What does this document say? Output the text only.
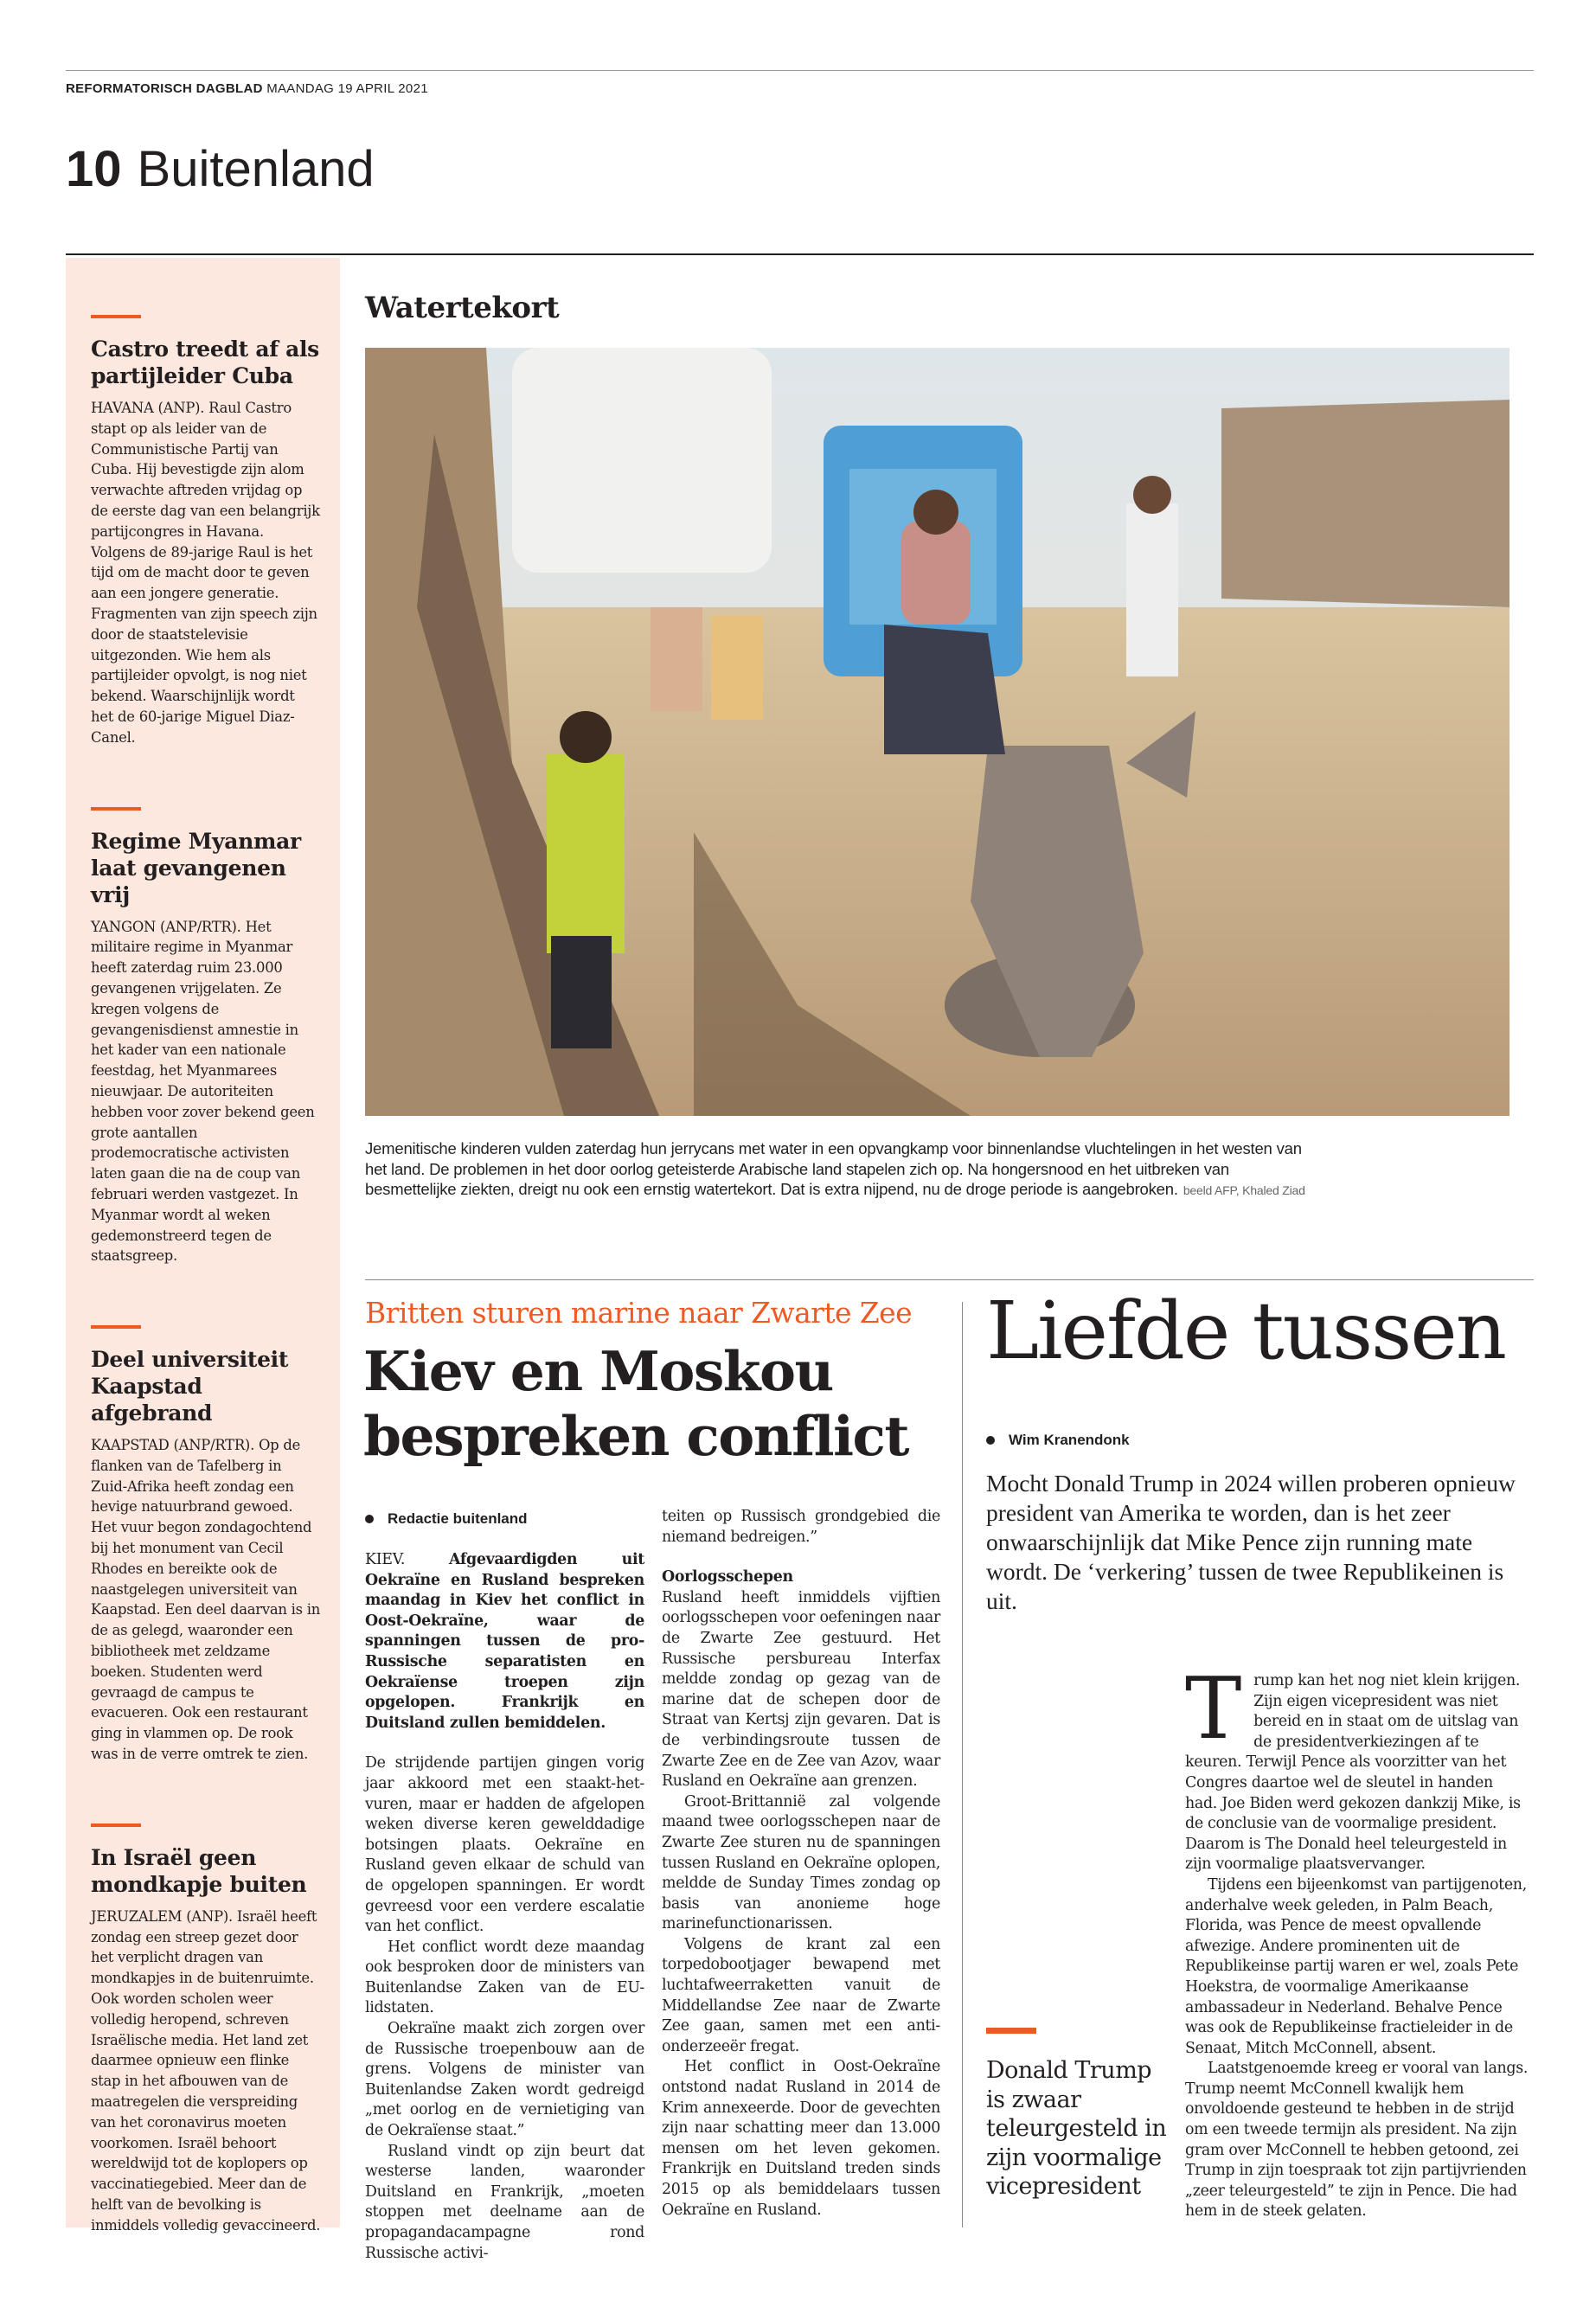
REFORMATORISCH DAGBLAD MAANDAG 19 APRIL 2021
10 Buitenland
Castro treedt af als partijleider Cuba

HAVANA (ANP). Raul Castro stapt op als leider van de Communistische Partij van Cuba. Hij bevestigde zijn alom verwachte aftreden vrijdag op de eerste dag van een belangrijk partijcongres in Havana. Volgens de 89-jarige Raul is het tijd om de macht door te geven aan een jongere generatie. Fragmenten van zijn speech zijn door de staatstelevisie uitgezonden. Wie hem als partijleider opvolgt, is nog niet bekend. Waarschijnlijk wordt het de 60-jarige Miguel Diaz-Canel.

Regime Myanmar laat gevangenen vrij

YANGON (ANP/RTR). Het militaire regime in Myanmar heeft zaterdag ruim 23.000 gevangenen vrijgelaten. Ze kregen volgens de gevangenisdienst amnestie in het kader van een nationale feestdag, het Myanmarees nieuwjaar. De autoriteiten hebben voor zover bekend geen grote aantallen prodemocratische activisten laten gaan die na de coup van februari werden vastgezet. In Myanmar wordt al weken gedemonstreerd tegen de staatsgreep.

Deel universiteit Kaapstad afgebrand

KAAPSTAD (ANP/RTR). Op de flanken van de Tafelberg in Zuid-Afrika heeft zondag een hevige natuurbrand gewoed. Het vuur begon zondagochtend bij het monument van Cecil Rhodes en bereikte ook de naastgelegen universiteit van Kaapstad. Een deel daarvan is in de as gelegd, waaronder een bibliotheek met zeldzame boeken. Studenten werd gevraagd de campus te evacueren. Ook een restaurant ging in vlammen op. De rook was in de verre omtrek te zien.

In Israël geen mondkapje buiten

JERUZALEM (ANP). Israël heeft zondag een streep gezet door het verplicht dragen van mondkapjes in de buitenruimte. Ook worden scholen weer volledig heropend, schreven Israëlische media. Het land zet daarmee opnieuw een flinke stap in het afbouwen van de maatregelen die verspreiding van het coronavirus moeten voorkomen. Israël behoort wereldwijd tot de koplopers op vaccinatiegebied. Meer dan de helft van de bevolking is inmiddels volledig gevaccineerd.

Watertekort
Jemenitische kinderen vulden zaterdag hun jerrycans met water in een opvangkamp voor binnenlandse vluchtelingen in het westen van het land. De problemen in het door oorlog geteisterde Arabische land stapelen zich op. Na hongersnood en het uitbreken van besmettelijke ziekten, dreigt nu ook een ernstig watertekort. Dat is extra nijpend, nu de droge periode is aangebroken. beeld AFP, Khaled Ziad
Britten sturen marine naar Zwarte Zee
Kiev en Moskou bespreken conflict
Redactie buitenland

KIEV.	Afgevaardigden uit Oekraïne en Rusland bespreken maandag in Kiev het conflict in Oost-Oekraïne, waar de spanningen tussen de pro-Russische separatisten en Oekraïense troepen zijn opgelopen. Frankrijk en Duitsland zullen bemiddelen.

De strijdende partijen gingen vorig jaar akkoord met een staakt-het-vuren, maar er hadden de afgelopen weken diverse keren gewelddadige botsingen plaats. Oekraïne en Rusland geven elkaar de schuld van de opgelopen spanningen. Er wordt gevreesd voor een verdere escalatie van het conflict.

Het conflict wordt deze maandag ook besproken door de ministers van Buitenlandse Zaken van de EU-lidstaten.

Oekraïne maakt zich zorgen over de Russische troepenbouw aan de grens. Volgens de minister van Buitenlandse Zaken wordt gedreigd „met oorlog en de vernietiging van de Oekraïense staat.”

Rusland vindt op zijn beurt dat westerse landen, waaronder Duitsland en Frankrijk, „moeten stoppen met deelname aan de propagandacampagne rond Russische activi-

teiten op Russisch grondgebied die niemand bedreigen.”

Oorlogsschepen

Rusland heeft inmiddels vijftien oorlogsschepen voor oefeningen naar de Zwarte Zee gestuurd. Het Russische persbureau Interfax meldde zondag op gezag van de marine dat de schepen door de Straat van Kertsj zijn gevaren. Dat is de verbindingsroute tussen de Zwarte Zee en de Zee van Azov, waar Rusland en Oekraïne aan grenzen.

Groot-Brittannië zal volgende maand twee oorlogsschepen naar de Zwarte Zee sturen nu de spanningen tussen Rusland en Oekraïne oplopen, meldde de Sunday Times zondag op basis van anonieme hoge marinefunctionarissen.

Volgens de krant zal een torpedobootjager bewapend met luchtafweerraketten vanuit de Middellandse Zee naar de Zwarte Zee gaan, samen met een anti-onderzeeër fregat.

Het conflict in Oost-Oekraïne ontstond nadat Rusland in 2014 de Krim annexeerde. Door de gevechten zijn naar schatting meer dan 13.000 mensen om het leven gekomen. Frankrijk en Duitsland treden sinds 2015 op als bemiddelaars tussen Oekraïne en Rusland.

Liefde tussen
Wim Kranendonk
Mocht Donald Trump in 2024 willen proberen opnieuw president van Amerika te worden, dan is het zeer onwaarschijnlijk dat Mike Pence zijn running mate wordt. De ‘verkering’ tussen de twee Republikeinen is uit.

Trump kan het nog niet klein krijgen. Zijn eigen vicepresident was niet bereid en in staat om de uitslag van de presidentverkiezingen af te keuren. Terwijl Pence als voorzitter van het Congres daartoe wel de sleutel in handen had. Joe Biden werd gekozen dankzij Mike, is de conclusie van de voormalige president. Daarom is The Donald heel teleurgesteld in zijn voormalige plaatsvervanger.

Tijdens een bijeenkomst van partijgenoten, anderhalve week geleden, in Palm Beach, Florida, was Pence de meest opvallende afwezige. Andere prominenten uit de Republikeinse partij waren er wel, zoals Pete Hoekstra, de voormalige Amerikaanse ambassadeur in Nederland. Behalve Pence was ook de Republikeinse fractieleider in de Senaat, Mitch McConnell, absent.

Laatstgenoemde kreeg er vooral van langs. Trump neemt McConnell kwalijk hem onvoldoende gesteund te hebben in de strijd om een tweede termijn als president. Na zijn gram over McConnell te hebben getoond, zei Trump in zijn toespraak tot zijn partijvrienden „zeer teleurgesteld” te zijn in Pence. Die had hem in de steek gelaten.

Donald Trump is zwaar teleurgesteld in zijn voormalige vicepresident
